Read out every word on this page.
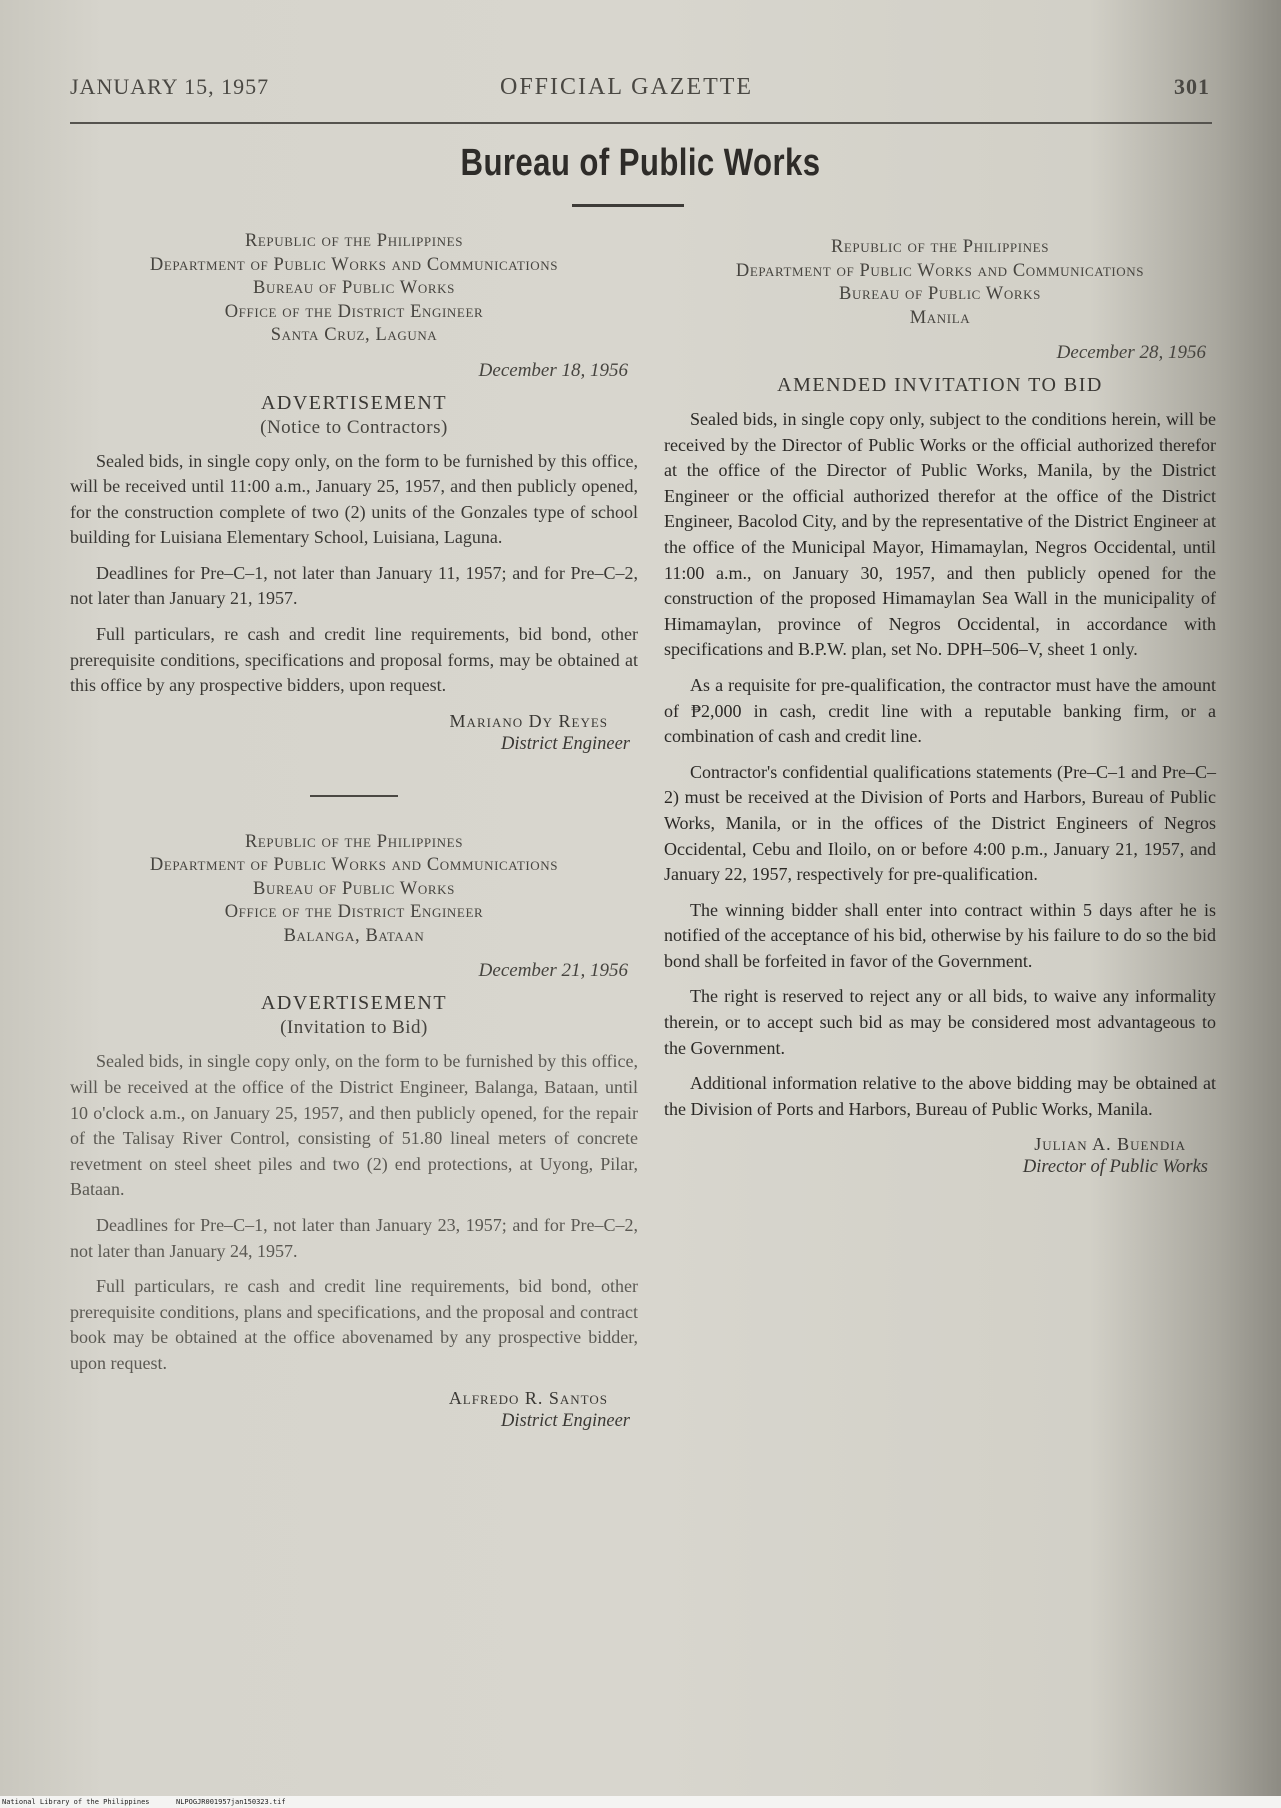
JANUARY 15, 1957	OFFICIAL GAZETTE	301
Bureau of Public Works
Republic of the Philippines
Department of Public Works and Communications
Bureau of Public Works
Office of the District Engineer
Santa Cruz, Laguna
December 18, 1956
ADVERTISEMENT
(Notice to Contractors)

Sealed bids, in single copy only, on the form to be furnished by this office, will be received until 11:00 a.m., January 25, 1957, and then publicly opened, for the construction complete of two (2) units of the Gonzales type of school building for Luisiana Elementary School, Luisiana, Laguna.

Deadlines for Pre–C–1, not later than January 11, 1957; and for Pre–C–2, not later than January 21, 1957.

Full particulars, re cash and credit line requirements, bid bond, other prerequisite conditions, specifications and proposal forms, may be obtained at this office by any prospective bidders, upon request.

Mariano Dy Reyes
District Engineer
Republic of the Philippines
Department of Public Works and Communications
Bureau of Public Works
Office of the District Engineer
Balanga, Bataan
December 21, 1956
ADVERTISEMENT
(Invitation to Bid)

Sealed bids, in single copy only, on the form to be furnished by this office, will be received at the office of the District Engineer, Balanga, Bataan, until 10 o'clock a.m., on January 25, 1957, and then publicly opened, for the repair of the Talisay River Control, consisting of 51.80 lineal meters of concrete revetment on steel sheet piles and two (2) end protections, at Uyong, Pilar, Bataan.

Deadlines for Pre–C–1, not later than January 23, 1957; and for Pre–C–2, not later than January 24, 1957.

Full particulars, re cash and credit line requirements, bid bond, other prerequisite conditions, plans and specifications, and the proposal and contract book may be obtained at the office abovenamed by any prospective bidder, upon request.

Alfredo R. Santos
District Engineer
Republic of the Philippines
Department of Public Works and Communications
Bureau of Public Works
Manila
December 28, 1956
AMENDED INVITATION TO BID

Sealed bids, in single copy only, subject to the conditions herein, will be received by the Director of Public Works or the official authorized therefor at the office of the Director of Public Works, Manila, by the District Engineer or the official authorized therefor at the office of the District Engineer, Bacolod City, and by the representative of the District Engineer at the office of the Municipal Mayor, Himamaylan, Negros Occidental, until 11:00 a.m., on January 30, 1957, and then publicly opened for the construction of the proposed Himamaylan Sea Wall in the municipality of Himamaylan, province of Negros Occidental, in accordance with specifications and B.P.W. plan, set No. DPH–506–V, sheet 1 only.

As a requisite for pre-qualification, the contractor must have the amount of ₱2,000 in cash, credit line with a reputable banking firm, or a combination of cash and credit line.

Contractor's confidential qualifications statements (Pre–C–1 and Pre–C–2) must be received at the Division of Ports and Harbors, Bureau of Public Works, Manila, or in the offices of the District Engineers of Negros Occidental, Cebu and Iloilo, on or before 4:00 p.m., January 21, 1957, and January 22, 1957, respectively for pre-qualification.

The winning bidder shall enter into contract within 5 days after he is notified of the acceptance of his bid, otherwise by his failure to do so the bid bond shall be forfeited in favor of the Government.

The right is reserved to reject any or all bids, to waive any informality therein, or to accept such bid as may be considered most advantageous to the Government.

Additional information relative to the above bidding may be obtained at the Division of Ports and Harbors, Bureau of Public Works, Manila.

Julian A. Buendia
Director of Public Works
National Library of the Philippines	NLPOGJR001957jan150323.tif
